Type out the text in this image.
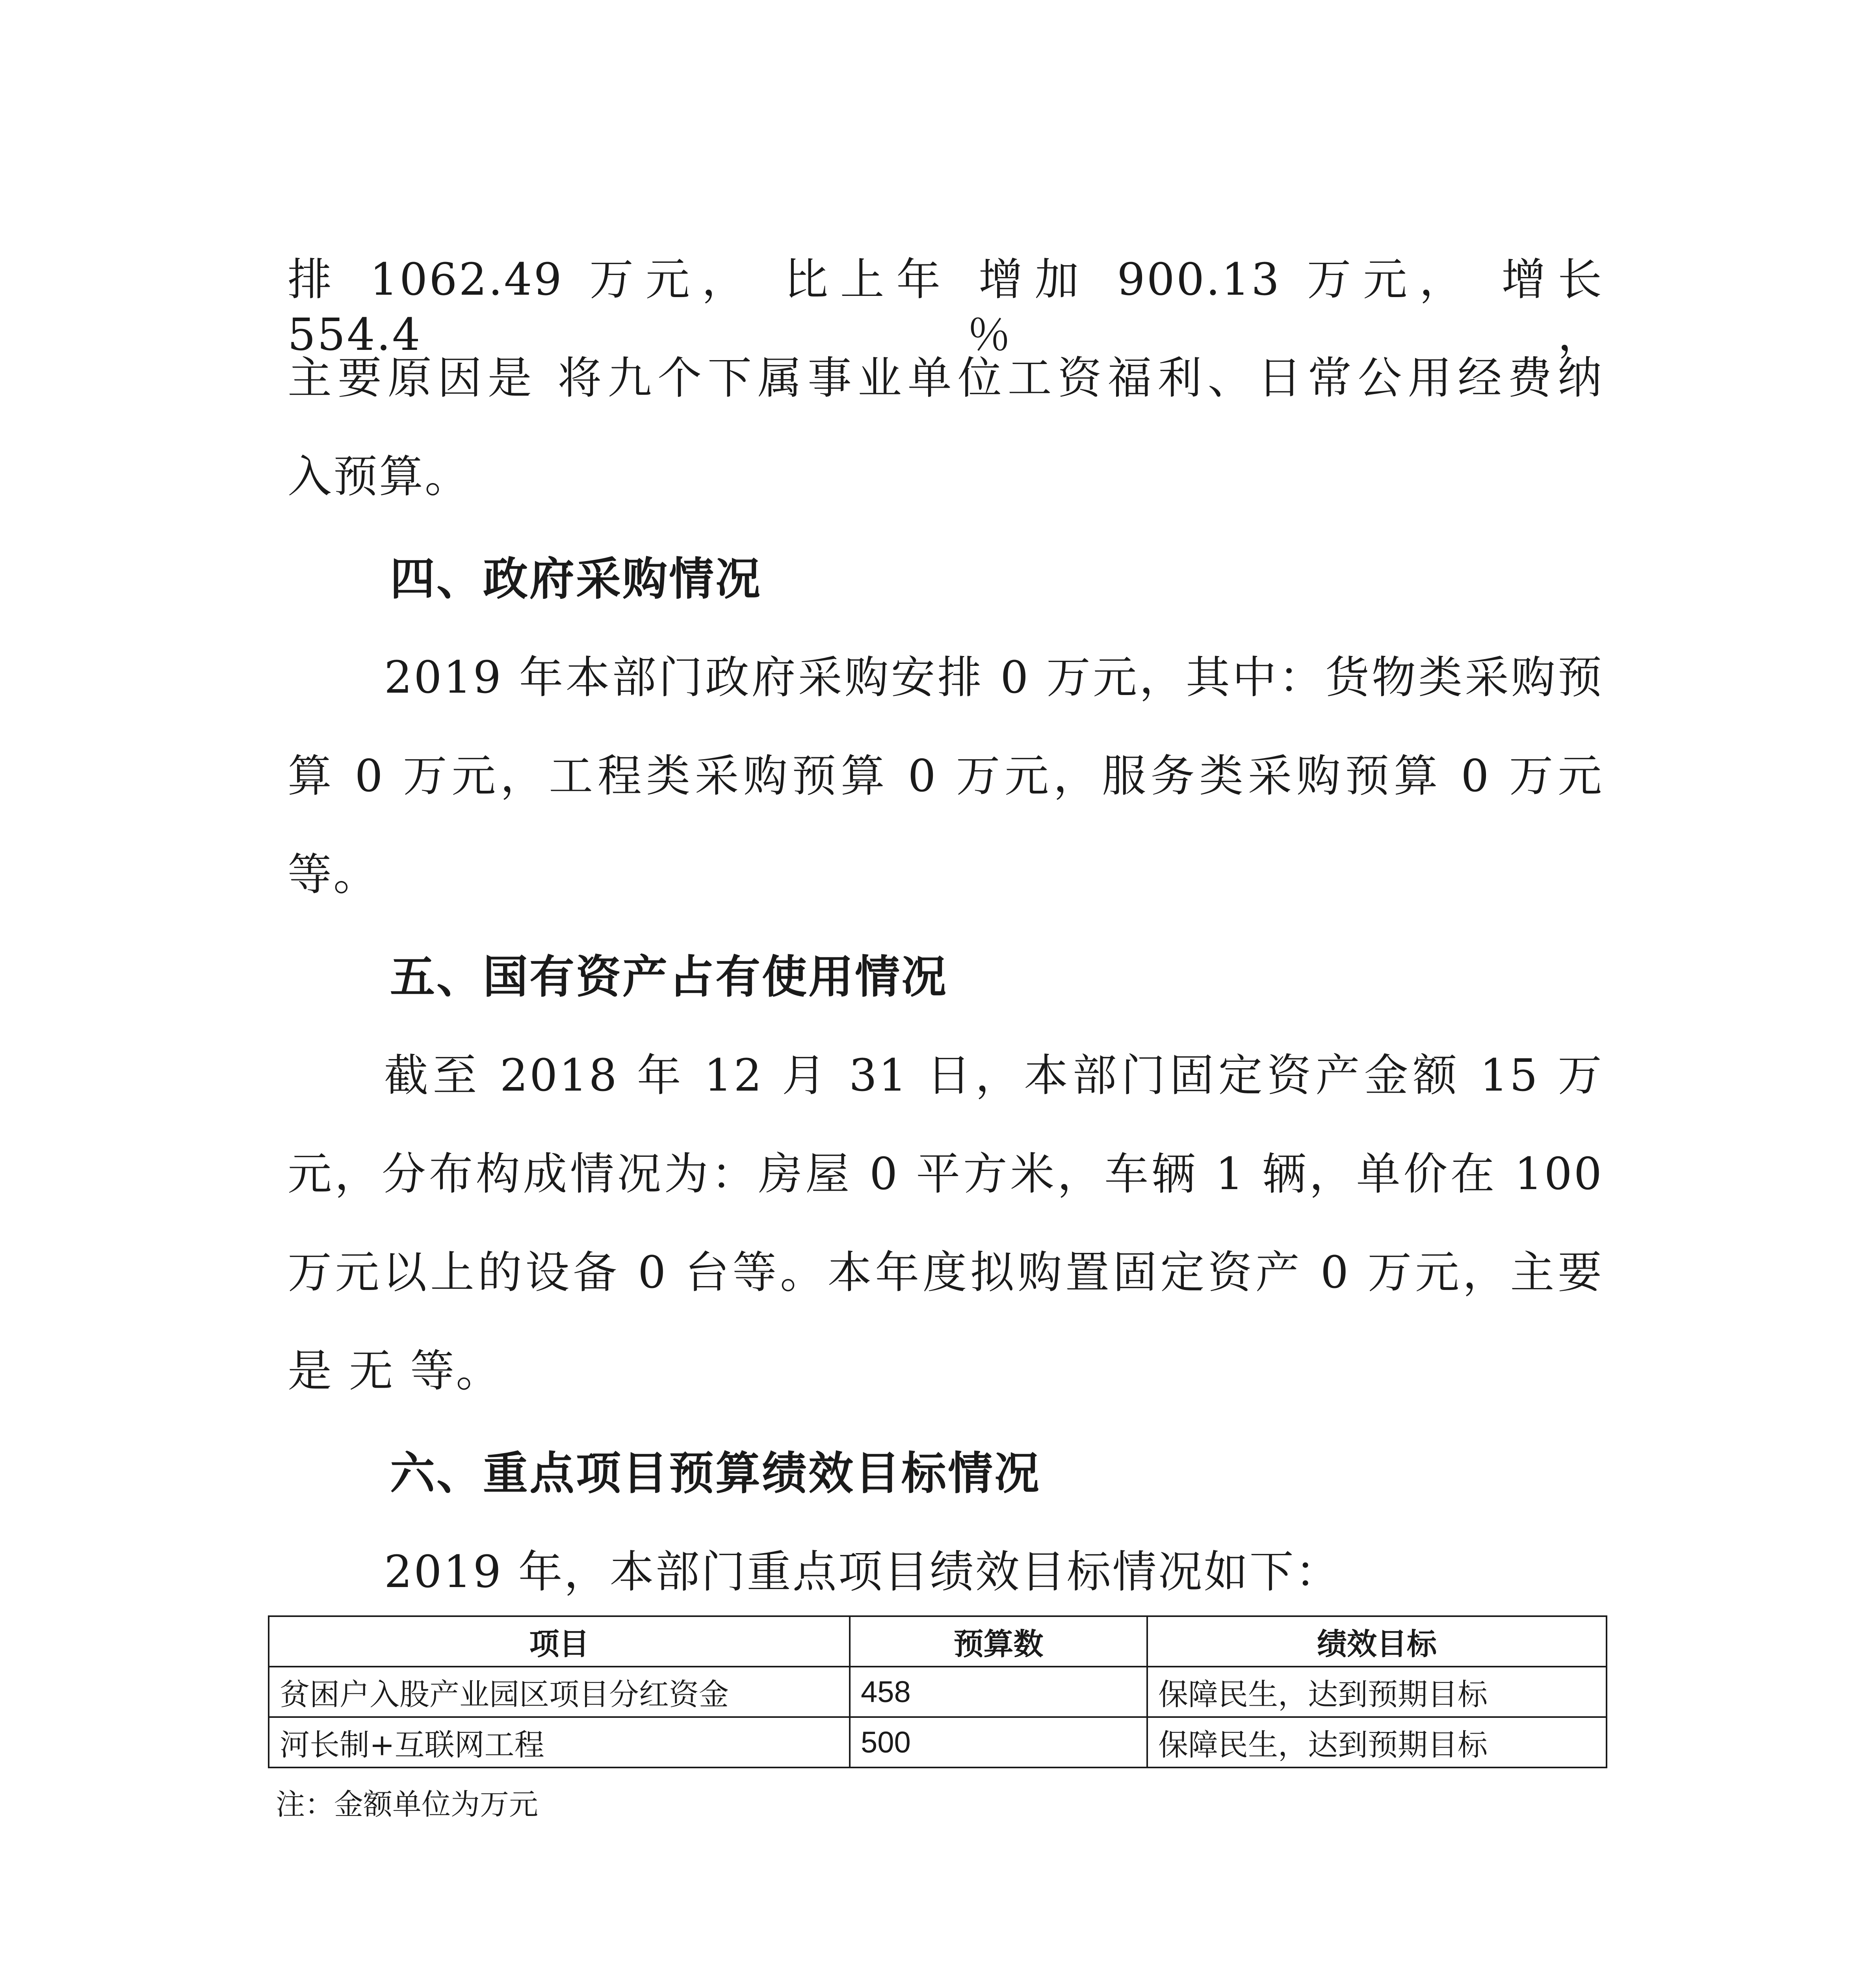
排 1062.49 万元， 比上年 增加 900.13 万元， 增长 554.4％，
主要原因是 将九个下属事业单位工资福利、日常公用经费纳
入预算。
四、政府采购情况
2019 年本部门政府采购安排 0 万元，其中：货物类采购预
算 0 万元，工程类采购预算 0 万元，服务类采购预算 0 万元
等。
五、国有资产占有使用情况
截至 2018 年 12 月 31 日，本部门固定资产金额 15 万
元，分布构成情况为：房屋 0 平方米，车辆 1 辆，单价在 100
万元以上的设备 0 台等。本年度拟购置固定资产 0 万元，主要
是 无 等。
六、重点项目预算绩效目标情况
2019 年，本部门重点项目绩效目标情况如下：
项目	预算数	绩效目标
贫困户入股产业园区项目分红资金	458	保障民生，达到预期目标
河长制+互联网工程	500	保障民生，达到预期目标
注：金额单位为万元
